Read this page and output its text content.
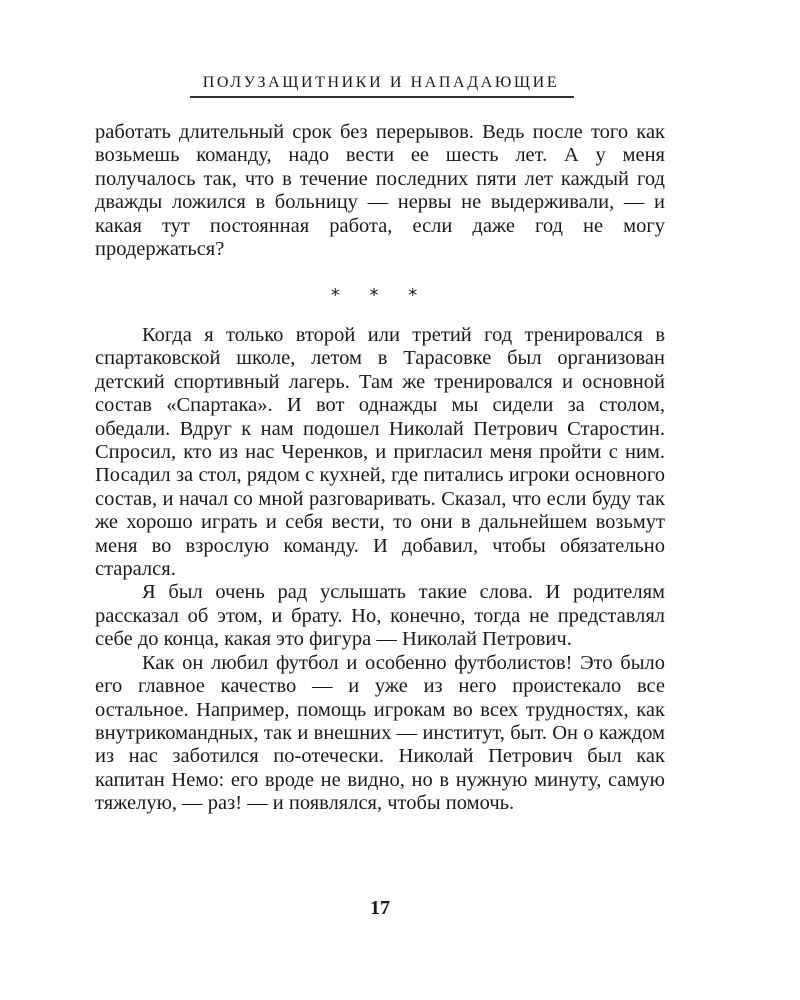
ПОЛУЗАЩИТНИКИ И НАПАДАЮЩИЕ

работать длительный срок без перерывов. Ведь после того как возьмешь команду, надо вести ее шесть лет. А у меня получалось так, что в течение последних пяти лет каждый год дважды ложился в больницу — нервы не выдерживали, — и какая тут постоянная работа, если даже год не могу продержаться?

* * *

Когда я только второй или третий год тренировался в спартаковской школе, летом в Тарасовке был организован детский спортивный лагерь. Там же тренировался и основной состав «Спартака». И вот однажды мы сидели за столом, обедали. Вдруг к нам подошел Николай Петрович Старостин. Спросил, кто из нас Черенков, и пригласил меня пройти с ним. Посадил за стол, рядом с кухней, где питались игроки основного состав, и начал со мной разговаривать. Сказал, что если буду так же хорошо играть и себя вести, то они в дальнейшем возьмут меня во взрослую команду. И добавил, чтобы обязательно старался.

Я был очень рад услышать такие слова. И родителям рассказал об этом, и брату. Но, конечно, тогда не представлял себе до конца, какая это фигура — Николай Петрович.

Как он любил футбол и особенно футболистов! Это было его главное качество — и уже из него проистекало все остальное. Например, помощь игрокам во всех трудностях, как внутрикомандных, так и внешних — институт, быт. Он о каждом из нас заботился по-отечески. Николай Петрович был как капитан Немо: его вроде не видно, но в нужную минуту, самую тяжелую, — раз! — и появлялся, чтобы помочь.

17
